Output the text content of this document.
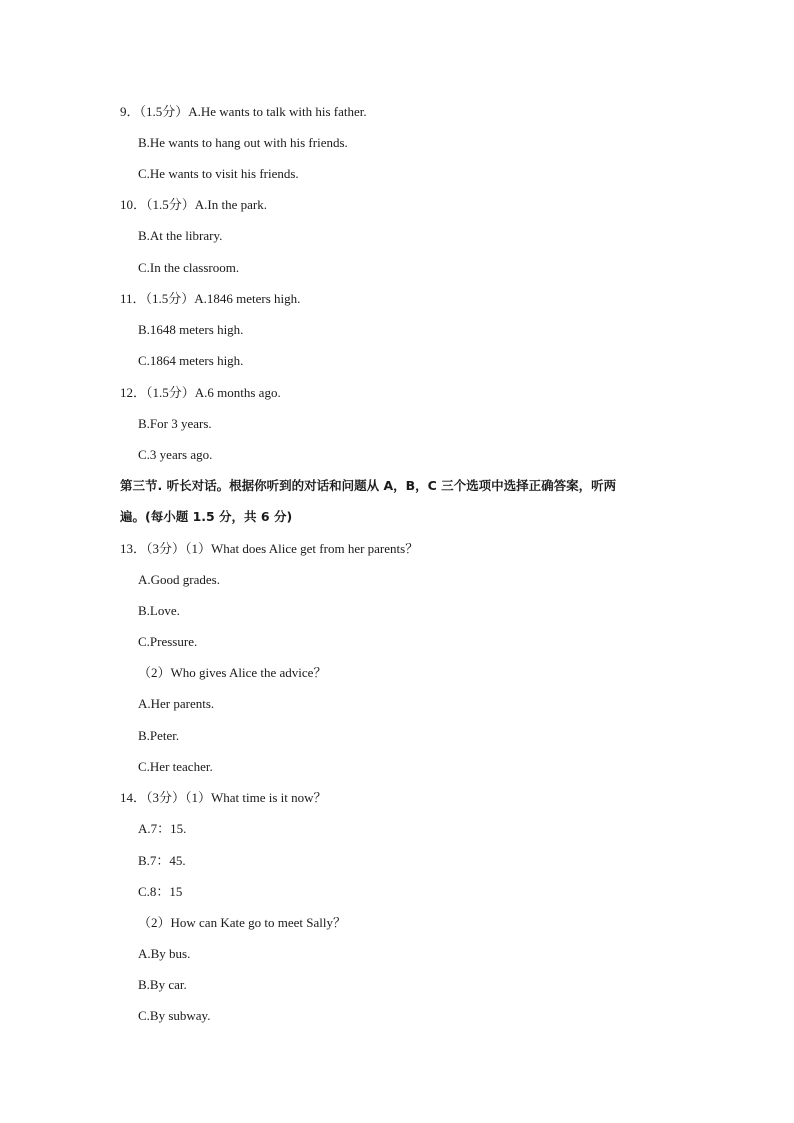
9．（1.5分）A.He wants to talk with his father.
B.He wants to hang out with his friends.
C.He wants to visit his friends.
10．（1.5分）A.In the park.
B.At the library.
C.In the classroom.
11．（1.5分）A.1846 meters high.
B.1648 meters high.
C.1864 meters high.
12．（1.5分）A.6 months ago.
B.For 3 years.
C.3 years ago.
第三节. 听长对话。根据你听到的对话和问题从 A，B，C 三个选项中选择正确答案，听两
遍。(每小题 1.5 分，共 6 分)
13．（3分）（1）What does Alice get from her parents？
A.Good grades.
B.Love.
C.Pressure.
（2）Who gives Alice the advice？
A.Her parents.
B.Peter.
C.Her teacher.
14．（3分）（1）What time is it now？
A.7：15.
B.7：45.
C.8：15
（2）How can Kate go to meet Sally？
A.By bus.
B.By car.
C.By subway.
